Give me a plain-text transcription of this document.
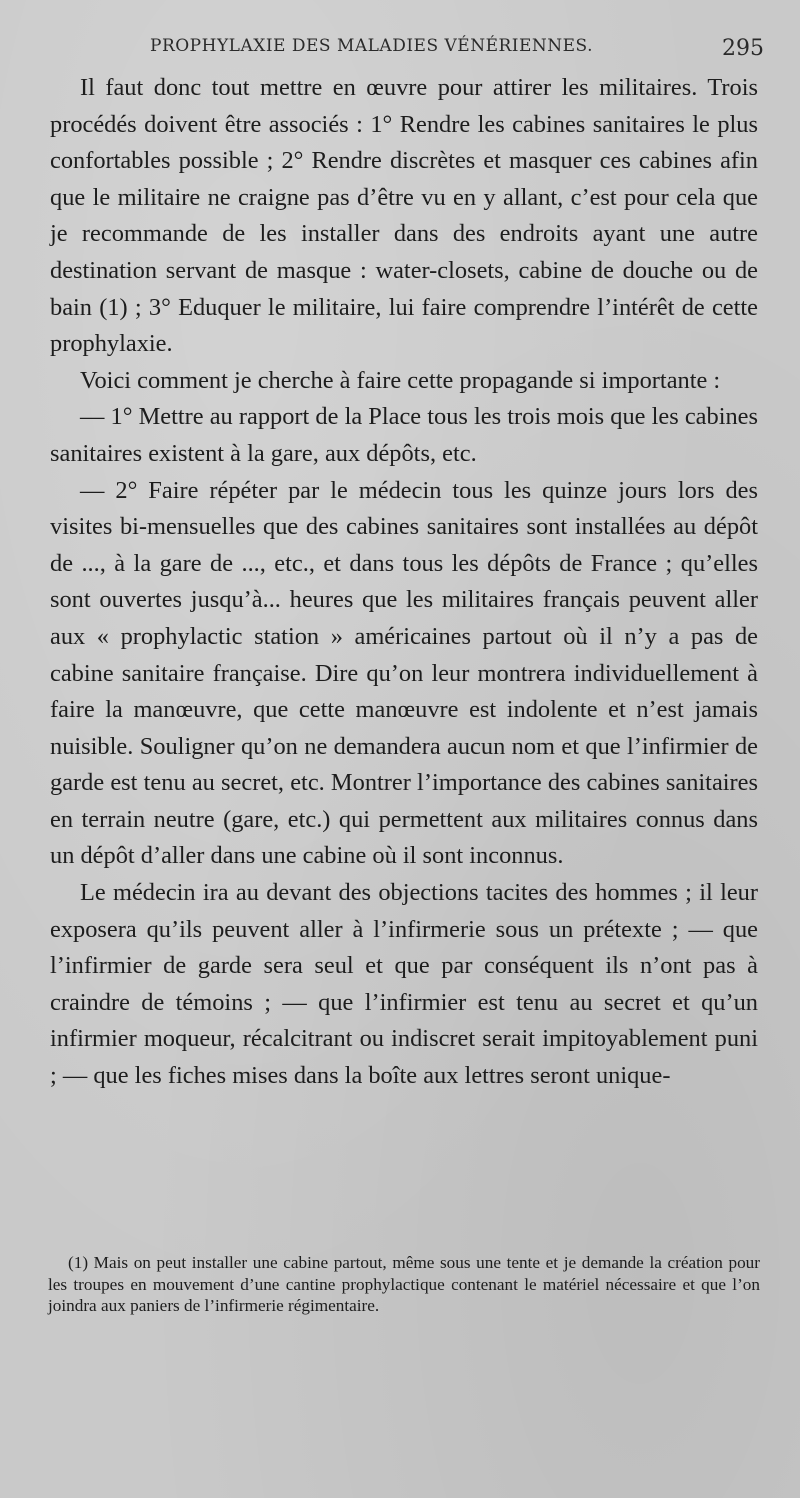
PROPHYLAXIE DES MALADIES VÉNÉRIENNES.	295

Il faut donc tout mettre en œuvre pour attirer les militaires. Trois procédés doivent être associés : 1° Rendre les cabines sanitaires le plus confortables possible ; 2° Rendre discrètes et masquer ces cabines afin que le militaire ne craigne pas d’être vu en y allant, c’est pour cela que je recommande de les installer dans des endroits ayant une autre destination servant de masque : water-closets, cabine de douche ou de bain (1) ; 3° Eduquer le militaire, lui faire comprendre l’intérêt de cette prophylaxie.

Voici comment je cherche à faire cette propagande si importante :

— 1° Mettre au rapport de la Place tous les trois mois que les cabines sanitaires existent à la gare, aux dépôts, etc.

— 2° Faire répéter par le médecin tous les quinze jours lors des visites bi-mensuelles que des cabines sanitaires sont installées au dépôt de ..., à la gare de ..., etc., et dans tous les dépôts de France ; qu’elles sont ouvertes jusqu’à... heures que les militaires français peuvent aller aux « prophylactic station » américaines partout où il n’y a pas de cabine sanitaire française. Dire qu’on leur montrera individuellement à faire la manœuvre, que cette manœuvre est indolente et n’est jamais nuisible. Souligner qu’on ne demandera aucun nom et que l’infirmier de garde est tenu au secret, etc. Montrer l’importance des cabines sanitaires en terrain neutre (gare, etc.) qui permettent aux militaires connus dans un dépôt d’aller dans une cabine où il sont inconnus.

Le médecin ira au devant des objections tacites des hommes ; il leur exposera qu’ils peuvent aller à l’infirmerie sous un prétexte ; — que l’infirmier de garde sera seul et que par conséquent ils n’ont pas à craindre de témoins ; — que l’infirmier est tenu au secret et qu’un infirmier moqueur, récalcitrant ou indiscret serait impitoyablement puni ; — que les fiches mises dans la boîte aux lettres seront unique-

(1) Mais on peut installer une cabine partout, même sous une tente et je demande la création pour les troupes en mouvement d’une cantine prophylactique contenant le matériel nécessaire et que l’on joindra aux paniers de l’infirmerie régimentaire.
